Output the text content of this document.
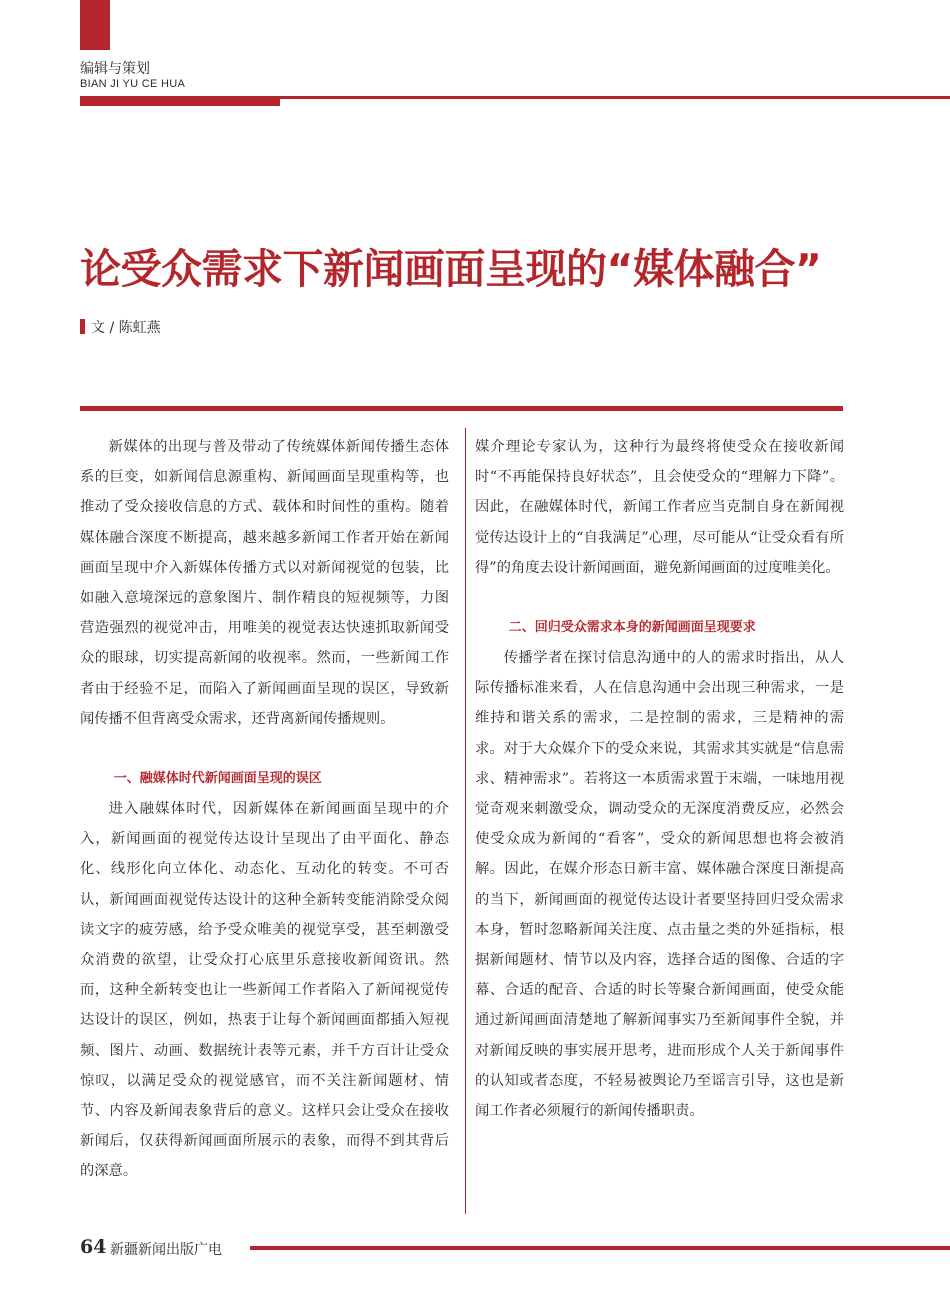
编辑与策划
BIAN JI YU CE HUA
论受众需求下新闻画面呈现的“媒体融合”
文 / 陈虹燕

新媒体的出现与普及带动了传统媒体新闻传播生态体系的巨变，如新闻信息源重构、新闻画面呈现重构等，也推动了受众接收信息的方式、载体和时间性的重构。随着媒体融合深度不断提高，越来越多新闻工作者开始在新闻画面呈现中介入新媒体传播方式以对新闻视觉的包装，比如融入意境深远的意象图片、制作精良的短视频等，力图营造强烈的视觉冲击，用唯美的视觉表达快速抓取新闻受众的眼球，切实提高新闻的收视率。然而，一些新闻工作者由于经验不足，而陷入了新闻画面呈现的误区，导致新闻传播不但背离受众需求，还背离新闻传播规则。

一、融媒体时代新闻画面呈现的误区

进入融媒体时代，因新媒体在新闻画面呈现中的介入，新闻画面的视觉传达设计呈现出了由平面化、静态化、线形化向立体化、动态化、互动化的转变。不可否认，新闻画面视觉传达设计的这种全新转变能消除受众阅读文字的疲劳感，给予受众唯美的视觉享受，甚至刺激受众消费的欲望，让受众打心底里乐意接收新闻资讯。然而，这种全新转变也让一些新闻工作者陷入了新闻视觉传达设计的误区，例如，热衷于让每个新闻画面都插入短视频、图片、动画、数据统计表等元素，并千方百计让受众惊叹，以满足受众的视觉感官，而不关注新闻题材、情节、内容及新闻表象背后的意义。这样只会让受众在接收新闻后，仅获得新闻画面所展示的表象，而得不到其背后的深意。

媒介理论专家认为，这种行为最终将使受众在接收新闻时“不再能保持良好状态”，且会使受众的“理解力下降”。因此，在融媒体时代，新闻工作者应当克制自身在新闻视觉传达设计上的“自我满足”心理，尽可能从“让受众看有所得”的角度去设计新闻画面，避免新闻画面的过度唯美化。

二、回归受众需求本身的新闻画面呈现要求

传播学者在探讨信息沟通中的人的需求时指出，从人际传播标准来看，人在信息沟通中会出现三种需求，一是维持和谐关系的需求，二是控制的需求，三是精神的需求。对于大众媒介下的受众来说，其需求其实就是“信息需求、精神需求”。若将这一本质需求置于末端，一味地用视觉奇观来刺激受众，调动受众的无深度消费反应，必然会使受众成为新闻的“看客”，受众的新闻思想也将会被消解。因此，在媒介形态日新丰富、媒体融合深度日渐提高的当下，新闻画面的视觉传达设计者要坚持回归受众需求本身，暂时忽略新闻关注度、点击量之类的外延指标，根据新闻题材、情节以及内容，选择合适的图像、合适的字幕、合适的配音、合适的时长等聚合新闻画面，使受众能通过新闻画面清楚地了解新闻事实乃至新闻事件全貌，并对新闻反映的事实展开思考，进而形成个人关于新闻事件的认知或者态度，不轻易被舆论乃至谣言引导，这也是新闻工作者必须履行的新闻传播职责。

64 新疆新闻出版广电
